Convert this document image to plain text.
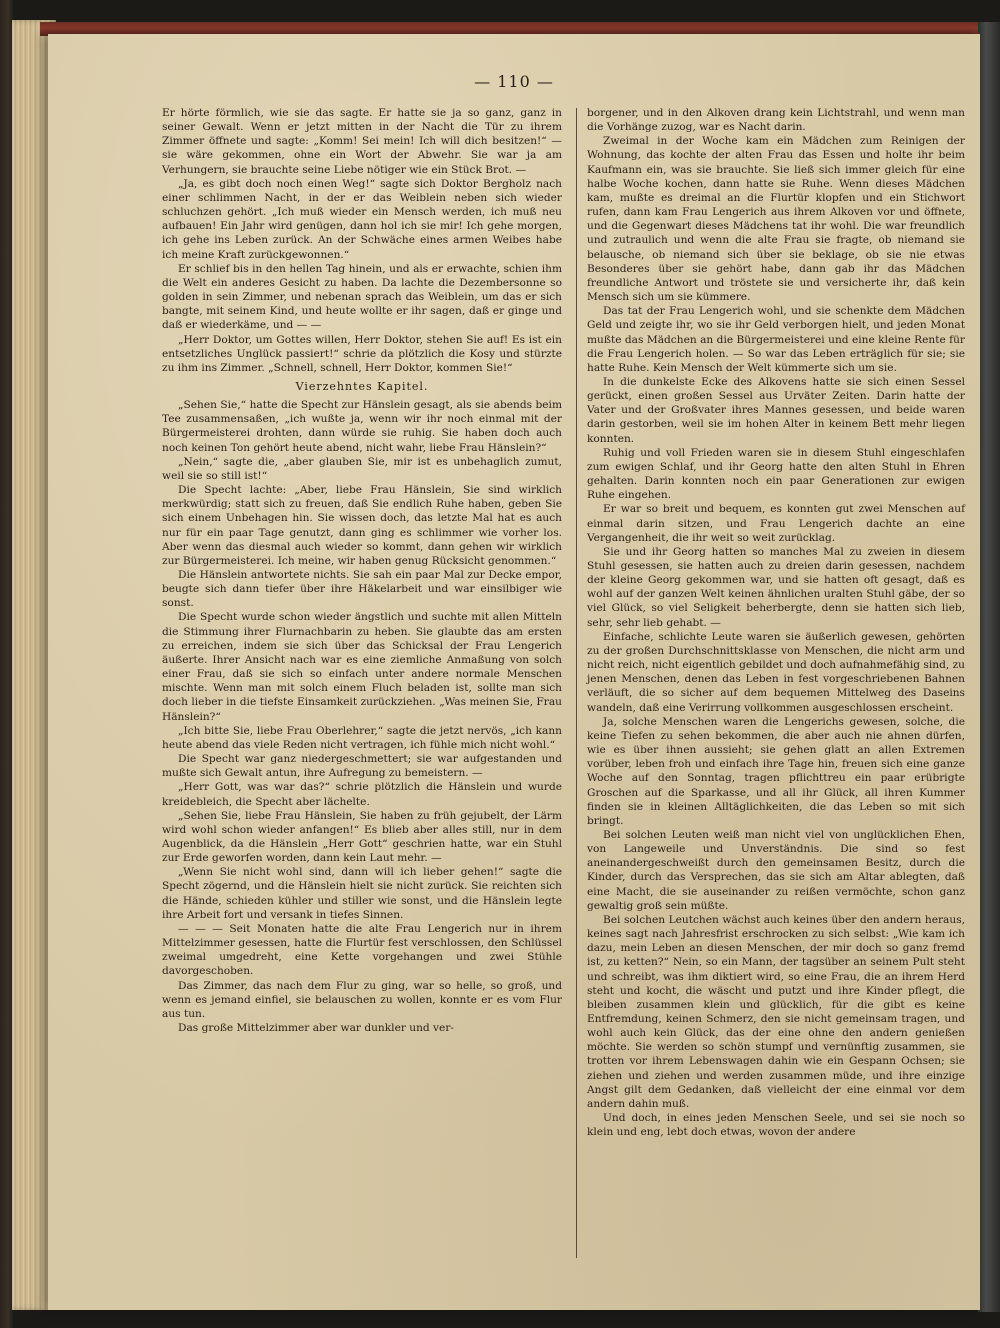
— 110 —

Er hörte förmlich, wie sie das sagte. Er hatte sie ja so ganz, ganz in seiner Gewalt. Wenn er jetzt mitten in der Nacht die Tür zu ihrem Zimmer öffnete und sagte: „Komm! Sei mein! Ich will dich besitzen!“ — sie wäre gekommen, ohne ein Wort der Abwehr. Sie war ja am Verhungern, sie brauchte seine Liebe nötiger wie ein Stück Brot. —

„Ja, es gibt doch noch einen Weg!“ sagte sich Doktor Bergholz nach einer schlimmen Nacht, in der er das Weiblein neben sich wieder schluchzen gehört. „Ich muß wieder ein Mensch werden, ich muß neu aufbauen! Ein Jahr wird genügen, dann hol ich sie mir! Ich gehe morgen, ich gehe ins Leben zurück. An der Schwäche eines armen Weibes habe ich meine Kraft zurückgewonnen.“

Er schlief bis in den hellen Tag hinein, und als er erwachte, schien ihm die Welt ein anderes Gesicht zu haben. Da lachte die Dezembersonne so golden in sein Zimmer, und nebenan sprach das Weiblein, um das er sich bangte, mit seinem Kind, und heute wollte er ihr sagen, daß er ginge und daß er wiederkäme, und — —

„Herr Doktor, um Gottes willen, Herr Doktor, stehen Sie auf! Es ist ein entsetzliches Unglück passiert!“ schrie da plötzlich die Kosy und stürzte zu ihm ins Zimmer. „Schnell, schnell, Herr Doktor, kommen Sie!“

Vierzehntes Kapitel.

„Sehen Sie,“ hatte die Specht zur Hänslein gesagt, als sie abends beim Tee zusammensaßen, „ich wußte ja, wenn wir ihr noch einmal mit der Bürgermeisterei drohten, dann würde sie ruhig. Sie haben doch auch noch keinen Ton gehört heute abend, nicht wahr, liebe Frau Hänslein?“

„Nein,“ sagte die, „aber glauben Sie, mir ist es unbehaglich zumut, weil sie so still ist!“

Die Specht lachte: „Aber, liebe Frau Hänslein, Sie sind wirklich merkwürdig; statt sich zu freuen, daß Sie endlich Ruhe haben, geben Sie sich einem Unbehagen hin. Sie wissen doch, das letzte Mal hat es auch nur für ein paar Tage genutzt, dann ging es schlimmer wie vorher los. Aber wenn das diesmal auch wieder so kommt, dann gehen wir wirklich zur Bürgermeisterei. Ich meine, wir haben genug Rücksicht genommen.“

Die Hänslein antwortete nichts. Sie sah ein paar Mal zur Decke empor, beugte sich dann tiefer über ihre Häkelarbeit und war einsilbiger wie sonst.

Die Specht wurde schon wieder ängstlich und suchte mit allen Mitteln die Stimmung ihrer Flurnachbarin zu heben. Sie glaubte das am ersten zu erreichen, indem sie sich über das Schicksal der Frau Lengerich äußerte. Ihrer Ansicht nach war es eine ziemliche Anmaßung von solch einer Frau, daß sie sich so einfach unter andere normale Menschen mischte. Wenn man mit solch einem Fluch beladen ist, sollte man sich doch lieber in die tiefste Einsamkeit zurückziehen. „Was meinen Sie, Frau Hänslein?“

„Ich bitte Sie, liebe Frau Oberlehrer,“ sagte die jetzt nervös, „ich kann heute abend das viele Reden nicht vertragen, ich fühle mich nicht wohl.“

Die Specht war ganz niedergeschmettert; sie war aufgestanden und mußte sich Gewalt antun, ihre Aufregung zu bemeistern. —

„Herr Gott, was war das?“ schrie plötzlich die Hänslein und wurde kreidebleich, die Specht aber lächelte.

„Sehen Sie, liebe Frau Hänslein, Sie haben zu früh gejubelt, der Lärm wird wohl schon wieder anfangen!“ Es blieb aber alles still, nur in dem Augenblick, da die Hänslein „Herr Gott“ geschrien hatte, war ein Stuhl zur Erde geworfen worden, dann kein Laut mehr. —

„Wenn Sie nicht wohl sind, dann will ich lieber gehen!“ sagte die Specht zögernd, und die Hänslein hielt sie nicht zurück. Sie reichten sich die Hände, schieden kühler und stiller wie sonst, und die Hänslein legte ihre Arbeit fort und versank in tiefes Sinnen.

— — — Seit Monaten hatte die alte Frau Lengerich nur in ihrem Mittelzimmer gesessen, hatte die Flurtür fest verschlossen, den Schlüssel zweimal umgedreht, eine Kette vorgehangen und zwei Stühle davorgeschoben.

Das Zimmer, das nach dem Flur zu ging, war so helle, so groß, und wenn es jemand einfiel, sie belauschen zu wollen, konnte er es vom Flur aus tun.

Das große Mittelzimmer aber war dunkler und ver-

borgener, und in den Alkoven drang kein Lichtstrahl, und wenn man die Vorhänge zuzog, war es Nacht darin.

Zweimal in der Woche kam ein Mädchen zum Reinigen der Wohnung, das kochte der alten Frau das Essen und holte ihr beim Kaufmann ein, was sie brauchte. Sie ließ sich immer gleich für eine halbe Woche kochen, dann hatte sie Ruhe. Wenn dieses Mädchen kam, mußte es dreimal an die Flurtür klopfen und ein Stichwort rufen, dann kam Frau Lengerich aus ihrem Alkoven vor und öffnete, und die Gegenwart dieses Mädchens tat ihr wohl. Die war freundlich und zutraulich und wenn die alte Frau sie fragte, ob niemand sie belausche, ob niemand sich über sie beklage, ob sie nie etwas Besonderes über sie gehört habe, dann gab ihr das Mädchen freundliche Antwort und tröstete sie und versicherte ihr, daß kein Mensch sich um sie kümmere.

Das tat der Frau Lengerich wohl, und sie schenkte dem Mädchen Geld und zeigte ihr, wo sie ihr Geld verborgen hielt, und jeden Monat mußte das Mädchen an die Bürgermeisterei und eine kleine Rente für die Frau Lengerich holen. — So war das Leben erträglich für sie; sie hatte Ruhe. Kein Mensch der Welt kümmerte sich um sie.

In die dunkelste Ecke des Alkovens hatte sie sich einen Sessel gerückt, einen großen Sessel aus Urväter Zeiten. Darin hatte der Vater und der Großvater ihres Mannes gesessen, und beide waren darin gestorben, weil sie im hohen Alter in keinem Bett mehr liegen konnten.

Ruhig und voll Frieden waren sie in diesem Stuhl eingeschlafen zum ewigen Schlaf, und ihr Georg hatte den alten Stuhl in Ehren gehalten. Darin konnten noch ein paar Generationen zur ewigen Ruhe eingehen.

Er war so breit und bequem, es konnten gut zwei Menschen auf einmal darin sitzen, und Frau Lengerich dachte an eine Vergangenheit, die ihr weit so weit zurücklag.

Sie und ihr Georg hatten so manches Mal zu zweien in diesem Stuhl gesessen, sie hatten auch zu dreien darin gesessen, nachdem der kleine Georg gekommen war, und sie hatten oft gesagt, daß es wohl auf der ganzen Welt keinen ähnlichen uralten Stuhl gäbe, der so viel Glück, so viel Seligkeit beherbergte, denn sie hatten sich lieb, sehr, sehr lieb gehabt. —

Einfache, schlichte Leute waren sie äußerlich gewesen, gehörten zu der großen Durchschnittsklasse von Menschen, die nicht arm und nicht reich, nicht eigentlich gebildet und doch aufnahmefähig sind, zu jenen Menschen, denen das Leben in fest vorgeschriebenen Bahnen verläuft, die so sicher auf dem bequemen Mittelweg des Daseins wandeln, daß eine Verirrung vollkommen ausgeschlossen erscheint.

Ja, solche Menschen waren die Lengerichs gewesen, solche, die keine Tiefen zu sehen bekommen, die aber auch nie ahnen dürfen, wie es über ihnen aussieht; sie gehen glatt an allen Extremen vorüber, leben froh und einfach ihre Tage hin, freuen sich eine ganze Woche auf den Sonntag, tragen pflichttreu ein paar erübrigte Groschen auf die Sparkasse, und all ihr Glück, all ihren Kummer finden sie in kleinen Alltäglichkeiten, die das Leben so mit sich bringt.

Bei solchen Leuten weiß man nicht viel von unglücklichen Ehen, von Langeweile und Unverständnis. Die sind so fest aneinandergeschweißt durch den gemeinsamen Besitz, durch die Kinder, durch das Versprechen, das sie sich am Altar ablegten, daß eine Macht, die sie auseinander zu reißen vermöchte, schon ganz gewaltig groß sein müßte.

Bei solchen Leutchen wächst auch keines über den andern heraus, keines sagt nach Jahresfrist erschrocken zu sich selbst: „Wie kam ich dazu, mein Leben an diesen Menschen, der mir doch so ganz fremd ist, zu ketten?“ Nein, so ein Mann, der tagsüber an seinem Pult steht und schreibt, was ihm diktiert wird, so eine Frau, die an ihrem Herd steht und kocht, die wäscht und putzt und ihre Kinder pflegt, die bleiben zusammen klein und glücklich, für die gibt es keine Entfremdung, keinen Schmerz, den sie nicht gemeinsam tragen, und wohl auch kein Glück, das der eine ohne den andern genießen möchte. Sie werden so schön stumpf und vernünftig zusammen, sie trotten vor ihrem Lebenswagen dahin wie ein Gespann Ochsen; sie ziehen und ziehen und werden zusammen müde, und ihre einzige Angst gilt dem Gedanken, daß vielleicht der eine einmal vor dem andern dahin muß.

Und doch, in eines jeden Menschen Seele, und sei sie noch so klein und eng, lebt doch etwas, wovon der andere
